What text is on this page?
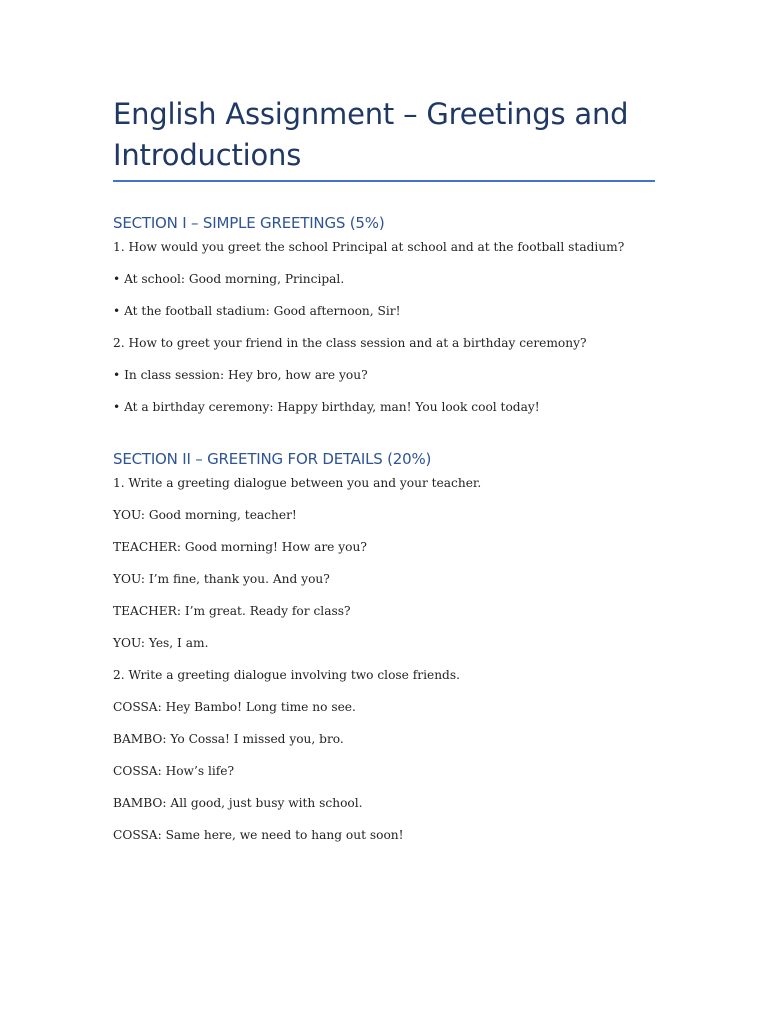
English Assignment – Greetings and Introductions
SECTION I – SIMPLE GREETINGS (5%)

1. How would you greet the school Principal at school and at the football stadium?

• At school: Good morning, Principal.

• At the football stadium: Good afternoon, Sir!

2. How to greet your friend in the class session and at a birthday ceremony?

• In class session: Hey bro, how are you?

• At a birthday ceremony: Happy birthday, man! You look cool today!

SECTION II – GREETING FOR DETAILS (20%)

1. Write a greeting dialogue between you and your teacher.

YOU: Good morning, teacher!

TEACHER: Good morning! How are you?

YOU: I’m fine, thank you. And you?

TEACHER: I’m great. Ready for class?

YOU: Yes, I am.

2. Write a greeting dialogue involving two close friends.

COSSA: Hey Bambo! Long time no see.

BAMBO: Yo Cossa! I missed you, bro.

COSSA: How’s life?

BAMBO: All good, just busy with school.

COSSA: Same here, we need to hang out soon!
